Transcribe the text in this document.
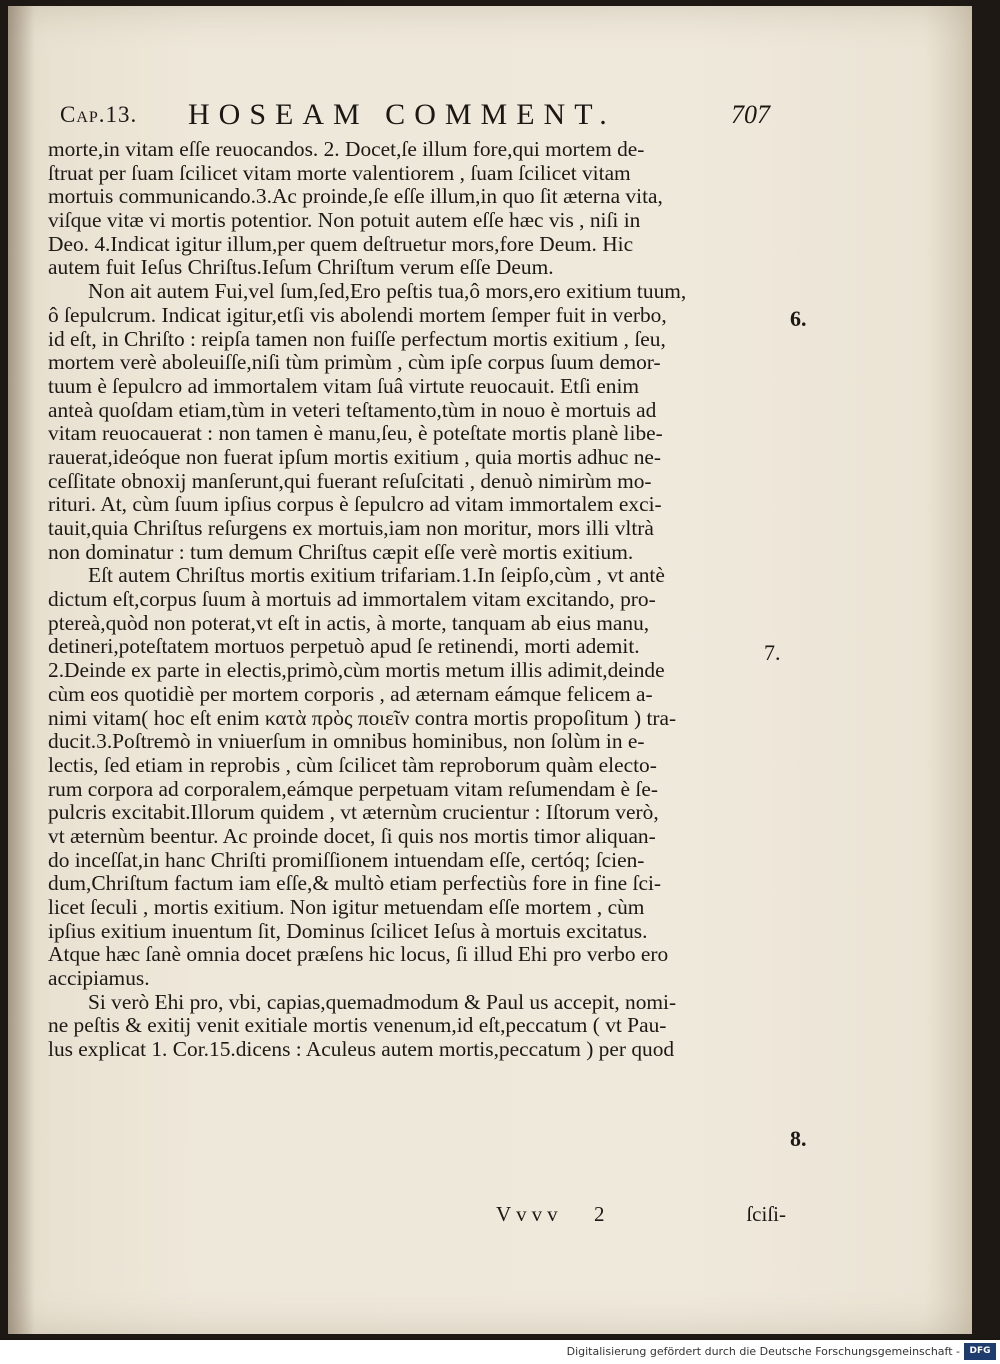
Cap.13. HOSEAM COMMENT.	707
morte,in vitam eſſe reuocandos. 2. Docet,ſe illum fore,qui mortem de-
ſtruat per ſuam ſcilicet vitam morte valentiorem , ſuam ſcilicet vitam
mortuis communicando.3.Ac proinde,ſe eſſe illum,in quo ſit æterna vita,
viſque vitæ vi mortis potentior. Non potuit autem eſſe hæc vis , niſi in
Deo. 4.Indicat igitur illum,per quem deſtruetur mors,fore Deum. Hic
autem fuit Ieſus Chriſtus.Ieſum Chriſtum verum eſſe Deum.
Non ait autem Fui,vel ſum,ſed,Ero peſtis tua,ô mors,ero exitium tuum,
ô ſepulcrum. Indicat igitur,etſi vis abolendi mortem ſemper fuit in verbo,
id eſt, in Chriſto : reipſa tamen non fuiſſe perfectum mortis exitium , ſeu,
mortem verè aboleuiſſe,niſi tùm primùm , cùm ipſe corpus ſuum demor-
tuum è ſepulcro ad immortalem vitam ſuâ virtute reuocauit. Etſi enim
anteà quoſdam etiam,tùm in veteri teſtamento,tùm in nouo è mortuis ad
vitam reuocauerat : non tamen è manu,ſeu, è poteſtate mortis planè libe-
rauerat,ideóque non fuerat ipſum mortis exitium , quia mortis adhuc ne-
ceſſitate obnoxij manſerunt,qui fuerant reſuſcitati , denuò nimirùm mo-
rituri. At, cùm ſuum ipſius corpus è ſepulcro ad vitam immortalem exci-
tauit,quia Chriſtus reſurgens ex mortuis,iam non moritur, mors illi vltrà
non dominatur : tum demum Chriſtus cæpit eſſe verè mortis exitium.
Eſt autem Chriſtus mortis exitium trifariam.1.In ſeipſo,cùm , vt antè
dictum eſt,corpus ſuum à mortuis ad immortalem vitam excitando, pro-
ptereà,quòd non poterat,vt eſt in actis, à morte, tanquam ab eius manu,
detineri,poteſtatem mortuos perpetuò apud ſe retinendi, morti ademit.
2.Deinde ex parte in electis,primò,cùm mortis metum illis adimit,deinde
cùm eos quotidiè per mortem corporis , ad æternam eámque felicem a-
nimi vitam( hoc eſt enim κατὰ πρὸς ποιεῖν contra mortis propoſitum ) tra-
ducit.3.Poſtremò in vniuerſum in omnibus hominibus, non ſolùm in e-
lectis, ſed etiam in reprobis , cùm ſcilicet tàm reproborum quàm electo-
rum corpora ad corporalem,eámque perpetuam vitam reſumendam è ſe-
pulcris excitabit.Illorum quidem , vt æternùm crucientur : Iſtorum verò,
vt æternùm beentur. Ac proinde docet, ſi quis nos mortis timor aliquan-
do inceſſat,in hanc Chriſti promiſſionem intuendam eſſe, certóq; ſcien-
dum,Chriſtum factum iam eſſe,& multò etiam perfectiùs fore in fine ſci-
licet ſeculi , mortis exitium. Non igitur metuendam eſſe mortem , cùm
ipſius exitium inuentum ſit, Dominus ſcilicet Ieſus à mortuis excitatus.
Atque hæc ſanè omnia docet præſens hic locus, ſi illud Ehi pro verbo ero
accipiamus.
Si verò Ehi pro, vbi, capias,quemadmodum & Paul us accepit, nomi-
ne peſtis & exitij venit exitiale mortis venenum,id eſt,peccatum ( vt Pau-
lus explicat 1. Cor.15.dicens : Aculeus autem mortis,peccatum ) per quod
6.
7.
8.
Vvvv 2	ſciſi-
Digitalisierung gefördert durch die Deutsche Forschungsgemeinschaft -	DFG
